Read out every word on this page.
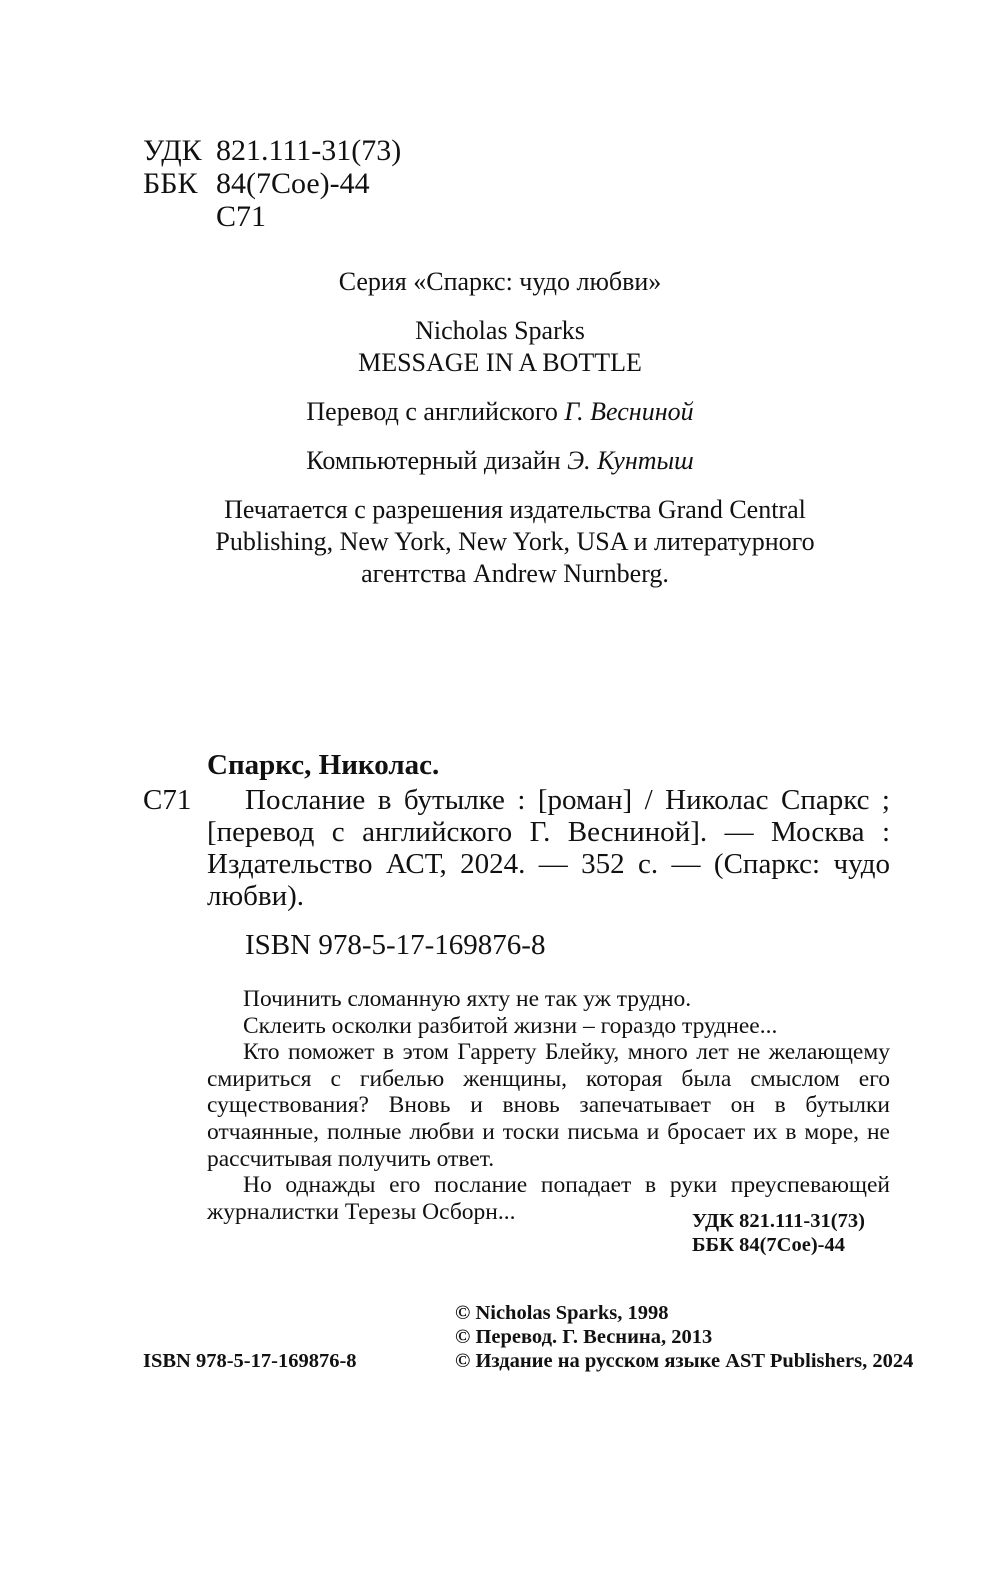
УДК 821.111-31(73)
ББК 84(7Сое)-44
С71
Серия «Спаркс: чудо любви»
Nicholas Sparks
MESSAGE IN A BOTTLE
Перевод с английского Г. Весниной
Компьютерный дизайн Э. Кунтыш
Печатается с разрешения издательства Grand Central
Publishing, New York, New York, USA и литературного
агентства Andrew Nurnberg.
Спаркс, Николас.
С71 Послание в бутылке : [роман] / Николас Спаркс ;
[перевод с английского Г. Весниной]. — Москва :
Издательство АСТ, 2024. — 352 с. — (Спаркс: чудо
любви).
ISBN 978-5-17-169876-8

Починить сломанную яхту не так уж трудно.

Склеить осколки разбитой жизни – гораздо труднее...

Кто поможет в этом Гаррету Блейку, много лет не желающему смириться с гибелью женщины, которая была смыслом его существования? Вновь и вновь запечатывает он в бутылки отчаянные, полные любви и тоски письма и бросает их в море, не рассчитывая получить ответ.

Но однажды его послание попадает в руки преуспевающей журналистки Терезы Осборн...	УДК 821.111-31(73)
ББК 84(7Сое)-44
© Nicholas Sparks, 1998
© Перевод. Г. Веснина, 2013
© Издание на русском языке AST Publishers, 2024
ISBN 978-5-17-169876-8
